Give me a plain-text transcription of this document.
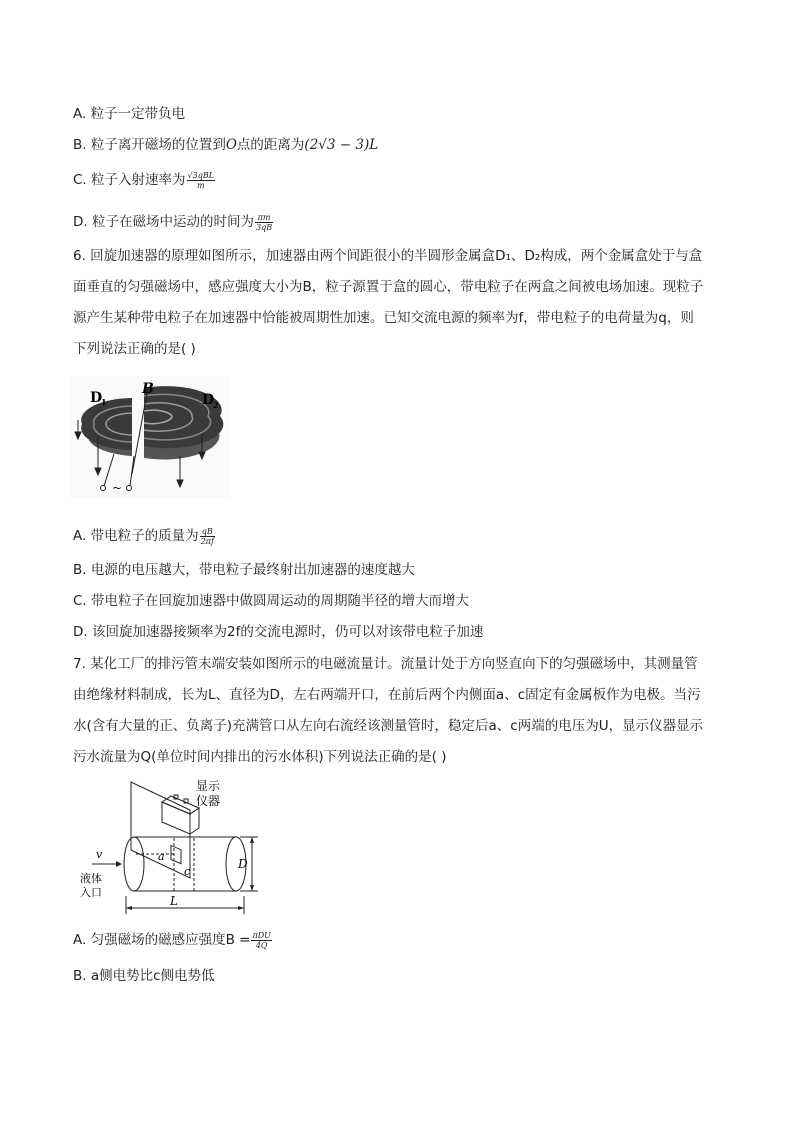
A. 粒子一定带负电
B. 粒子离开磁场的位置到O点的距离为(2√3 − 3)L
C. 粒子入射速率为 $\frac{\text{√3qBL}}{m}$
D. 粒子在磁场中运动的时间为 $\frac{\pi m}{3qB}$
6. 回旋加速器的原理如图所示，加速器由两个间距很小的半圆形金属盒D₁、D₂构成，两个金属盒处于与盒
面垂直的匀强磁场中，感应强度大小为B，粒子源置于盒的圆心，带电粒子在两盒之间被电场加速。现粒子
源产生某种带电粒子在加速器中恰能被周期性加速。已知交流电源的频率为f，带电粒子的电荷量为q，则
下列说法正确的是( )
~
D
1
B
D
2
A. 带电粒子的质量为 $\frac{qB}{2\pi f}$
B. 电源的电压越大，带电粒子最终射出加速器的速度越大
C. 带电粒子在回旋加速器中做圆周运动的周期随半径的增大而增大
D. 该回旋加速器接频率为2f的交流电源时，仍可以对该带电粒子加速
7. 某化工厂的排污管末端安装如图所示的电磁流量计。流量计处于方向竖直向下的匀强磁场中，其测量管
由绝缘材料制成，长为L、直径为D，左右两端开口，在前后两个内侧面a、c固定有金属板作为电极。当污
水(含有大量的正、负离子)充满管口从左向右流经该测量管时，稳定后a、c两端的电压为U，显示仪器显示
污水流量为Q(单位时间内排出的污水体积)下列说法正确的是( )
显示
仪器
v
液体
入口
a
c
D
L
A. 匀强磁场的磁感应强度$B = \frac{\text{πDU}}{4Q}$
B. a侧电势比c侧电势低
